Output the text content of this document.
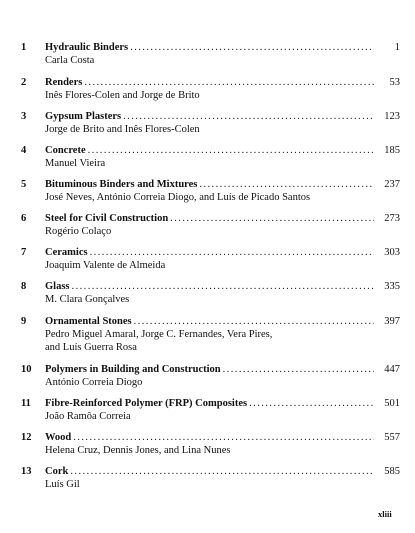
1 Hydraulic Binders . . .	1
Carla Costa
2 Renders . . .	53
Inês Flores-Colen and Jorge de Brito
3 Gypsum Plasters . . .	123
Jorge de Brito and Inês Flores-Colen
4 Concrete . . .	185
Manuel Vieira
5 Bituminous Binders and Mixtures . . .	237
José Neves, António Correia Diogo, and Luís de Picado Santos
6 Steel for Civil Construction . . .	273
Rogério Colaço
7 Ceramics . . .	303
Joaquim Valente de Almeida
8 Glass . . .	335
M. Clara Gonçalves
9 Ornamental Stones . . .	397
Pedro Miguel Amaral, Jorge C. Fernandes, Vera Pires,
and Luís Guerra Rosa
10 Polymers in Building and Construction . . .	447
António Correia Diogo
11 Fibre-Reinforced Polymer (FRP) Composites . . .	501
João Ramôa Correia
12 Wood . . .	557
Helena Cruz, Dennis Jones, and Lina Nunes
13 Cork . . .	585
Luís Gil
xliii
